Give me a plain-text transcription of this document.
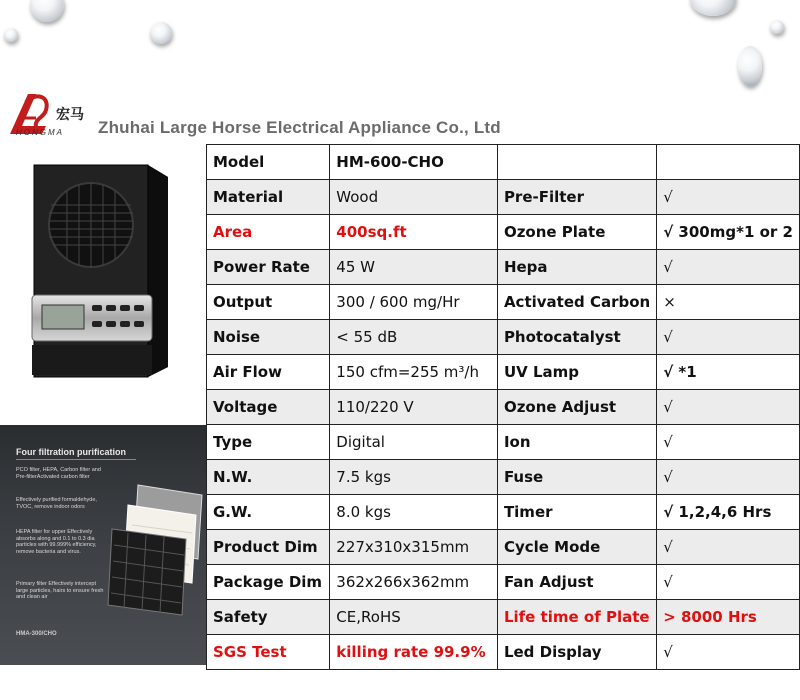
宏马
HONGMA Zhuhai Large Horse Electrical Appliance Co., Ltd
Four filtration purification
PCO filter, HEPA, Carbon filter and Pre-filterActivated carbon filter
Effectively purified formaldehyde, TVOC, remove indoor odors
HEPA filter for upper Effectively absorbs along and 0.1 to 0.3 dia particles with 99.999% efficiency, remove bacteria and virus.
Primary filter Effectively intercept large particles, hairs to ensure fresh and clean air
HMA-300/CHO
Model	HM-600-CHO		
Material	Wood	Pre-Filter	√
Area	400sq.ft	Ozone Plate	√ 300mg*1 or 2
Power Rate	45 W	Hepa	√
Output	300 / 600 mg/Hr	Activated Carbon	×
Noise	< 55 dB	Photocatalyst	√
Air Flow	150 cfm=255 m³/h	UV Lamp	√ *1
Voltage	110/220 V	Ozone Adjust	√
Type	Digital	Ion	√
N.W.	7.5 kgs	Fuse	√
G.W.	8.0 kgs	Timer	√ 1,2,4,6 Hrs
Product Dim	227x310x315mm	Cycle Mode	√
Package Dim	362x266x362mm	Fan Adjust	√
Safety	CE,RoHS	Life time of Plate	> 8000 Hrs
SGS Test	killing rate 99.9%	Led Display	√
